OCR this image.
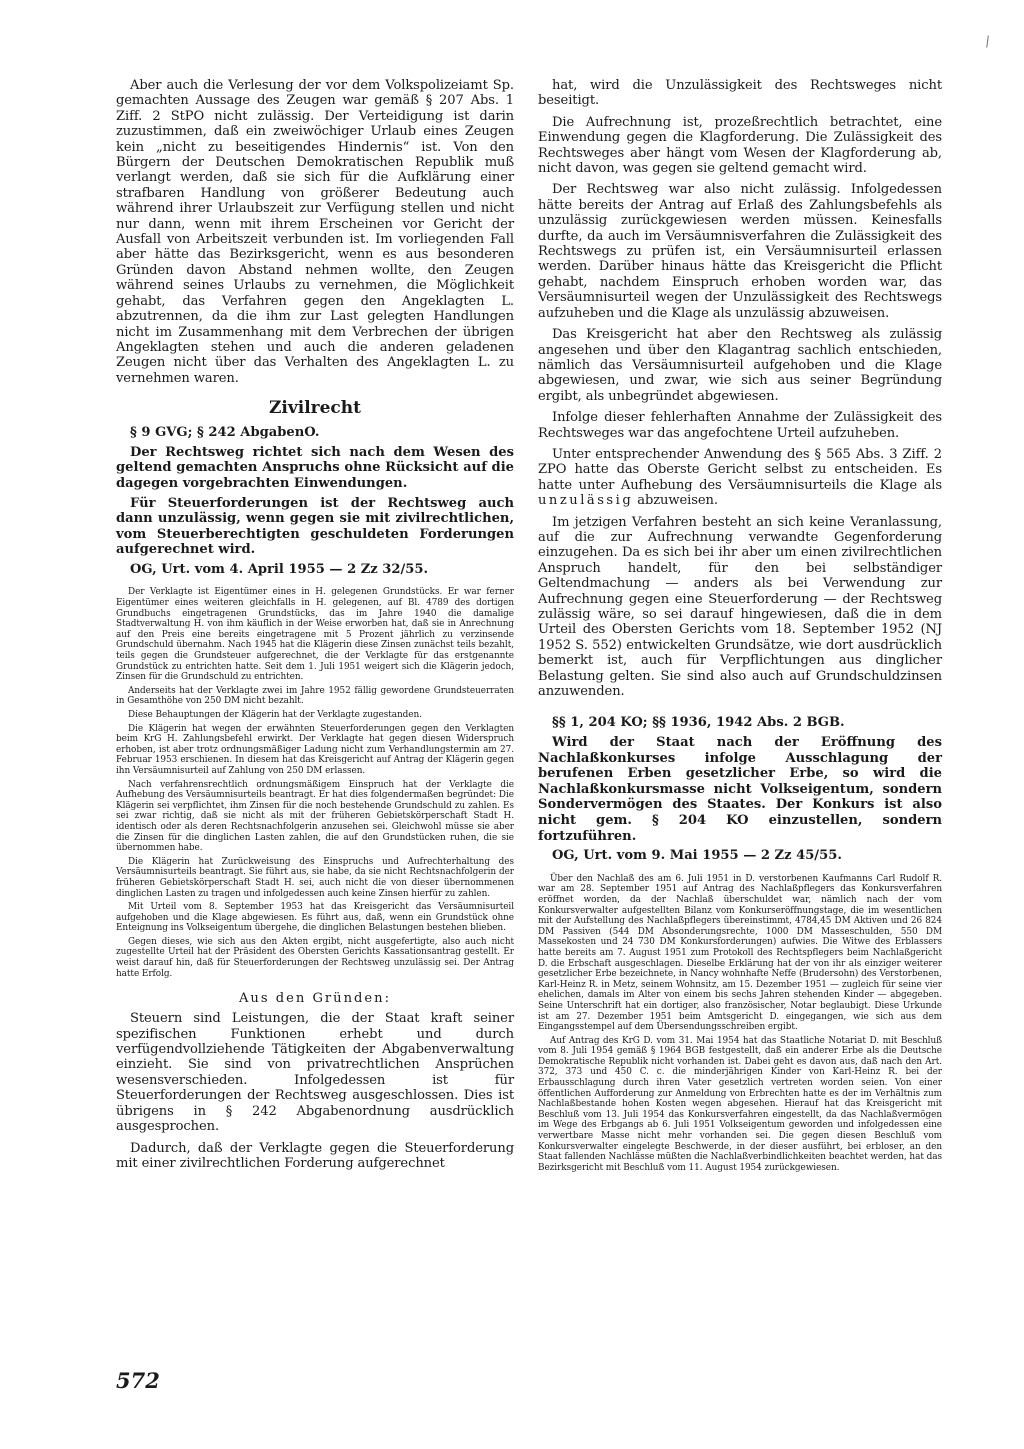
\

Aber auch die Verlesung der vor dem Volkspolizeiamt Sp. gemachten Aussage des Zeugen war gemäß § 207 Abs. 1 Ziff. 2 StPO nicht zulässig. Der Verteidigung ist darin zuzustimmen, daß ein zweiwöchiger Urlaub eines Zeugen kein „nicht zu beseitigendes Hindernis“ ist. Von den Bürgern der Deutschen Demokratischen Republik muß verlangt werden, daß sie sich für die Aufklärung einer strafbaren Handlung von größerer Bedeutung auch während ihrer Urlaubszeit zur Verfügung stellen und nicht nur dann, wenn mit ihrem Erscheinen vor Gericht der Ausfall von Arbeitszeit verbunden ist. Im vorliegenden Fall aber hätte das Bezirksgericht, wenn es aus besonderen Gründen davon Abstand nehmen wollte, den Zeugen während seines Urlaubs zu vernehmen, die Möglichkeit gehabt, das Verfahren gegen den Angeklagten L. abzutrennen, da die ihm zur Last gelegten Handlungen nicht im Zusammenhang mit dem Verbrechen der übrigen Angeklagten stehen und auch die anderen geladenen Zeugen nicht über das Verhalten des Angeklagten L. zu vernehmen waren.

Zivilrecht

§ 9 GVG; § 242 AbgabenO.

Der Rechtsweg richtet sich nach dem Wesen des geltend gemachten Anspruchs ohne Rücksicht auf die dagegen vorgebrachten Einwendungen.

Für Steuerforderungen ist der Rechtsweg auch dann unzulässig, wenn gegen sie mit zivilrechtlichen, vom Steuerberechtigten geschuldeten Forderungen aufgerechnet wird.

OG, Urt. vom 4. April 1955 — 2 Zz 32/55.

Der Verklagte ist Eigentümer eines in H. gelegenen Grundstücks. Er war ferner Eigentümer eines weiteren gleichfalls in H. gelegenen, auf Bl. 4789 des dortigen Grundbuchs eingetragenen Grundstücks, das im Jahre 1940 die damalige Stadtverwaltung H. von ihm käuflich in der Weise erworben hat, daß sie in Anrechnung auf den Preis eine bereits eingetragene mit 5 Prozent jährlich zu verzinsende Grundschuld übernahm. Nach 1945 hat die Klägerin diese Zinsen zunächst teils bezahlt, teils gegen die Grundsteuer aufgerechnet, die der Verklagte für das erstgenannte Grundstück zu entrichten hatte. Seit dem 1. Juli 1951 weigert sich die Klägerin jedoch, Zinsen für die Grundschuld zu entrichten.

Anderseits hat der Verklagte zwei im Jahre 1952 fällig gewordene Grundsteuerraten in Gesamthöhe von 250 DM nicht bezahlt.

Diese Behauptungen der Klägerin hat der Verklagte zugestanden.

Die Klägerin hat wegen der erwähnten Steuerforderungen gegen den Verklagten beim KrG H. Zahlungsbefehl erwirkt. Der Verklagte hat gegen diesen Widerspruch erhoben, ist aber trotz ordnungsmäßiger Ladung nicht zum Verhandlungstermin am 27. Februar 1953 erschienen. In diesem hat das Kreisgericht auf Antrag der Klägerin gegen ihn Versäumnisurteil auf Zahlung von 250 DM erlassen.

Nach verfahrensrechtlich ordnungsmäßigem Einspruch hat der Verklagte die Aufhebung des Versäumnisurteils beantragt. Er hat dies folgendermaßen begründet: Die Klägerin sei verpflichtet, ihm Zinsen für die noch bestehende Grundschuld zu zahlen. Es sei zwar richtig, daß sie nicht als mit der früheren Gebietskörperschaft Stadt H. identisch oder als deren Rechtsnachfolgerin anzusehen sei. Gleichwohl müsse sie aber die Zinsen für die dinglichen Lasten zahlen, die auf den Grundstücken ruhen, die sie übernommen habe.

Die Klägerin hat Zurückweisung des Einspruchs und Aufrechterhaltung des Versäumnisurteils beantragt. Sie führt aus, sie habe, da sie nicht Rechtsnachfolgerin der früheren Gebietskörperschaft Stadt H. sei, auch nicht die von dieser übernommenen dinglichen Lasten zu tragen und infolgedessen auch keine Zinsen hierfür zu zahlen.

Mit Urteil vom 8. September 1953 hat das Kreisgericht das Versäumnisurteil aufgehoben und die Klage abgewiesen. Es führt aus, daß, wenn ein Grundstück ohne Enteignung ins Volkseigentum übergehe, die dinglichen Belastungen bestehen blieben.

Gegen dieses, wie sich aus den Akten ergibt, nicht ausgefertigte, also auch nicht zugestellte Urteil hat der Präsident des Obersten Gerichts Kassationsantrag gestellt. Er weist darauf hin, daß für Steuerforderungen der Rechtsweg unzulässig sei. Der Antrag hatte Erfolg.

Aus den Gründen:

Steuern sind Leistungen, die der Staat kraft seiner spezifischen Funktionen erhebt und durch verfügendvollziehende Tätigkeiten der Abgabenverwaltung einzieht. Sie sind von privatrechtlichen Ansprüchen wesensverschieden. Infolgedessen ist für Steuerforderungen der Rechtsweg ausgeschlossen. Dies ist übrigens in § 242 Abgabenordnung ausdrücklich ausgesprochen.

Dadurch, daß der Verklagte gegen die Steuerforderung mit einer zivilrechtlichen Forderung aufgerechnet

hat, wird die Unzulässigkeit des Rechtsweges nicht beseitigt.

Die Aufrechnung ist, prozeßrechtlich betrachtet, eine Einwendung gegen die Klagforderung. Die Zulässigkeit des Rechtsweges aber hängt vom Wesen der Klagforderung ab, nicht davon, was gegen sie geltend gemacht wird.

Der Rechtsweg war also nicht zulässig. Infolgedessen hätte bereits der Antrag auf Erlaß des Zahlungsbefehls als unzulässig zurückgewiesen werden müssen. Keinesfalls durfte, da auch im Versäumnisverfahren die Zulässigkeit des Rechtswegs zu prüfen ist, ein Versäumnisurteil erlassen werden. Darüber hinaus hätte das Kreisgericht die Pflicht gehabt, nachdem Einspruch erhoben worden war, das Versäumnisurteil wegen der Unzulässigkeit des Rechtswegs aufzuheben und die Klage als unzulässig abzuweisen.

Das Kreisgericht hat aber den Rechtsweg als zulässig angesehen und über den Klagantrag sachlich entschieden, nämlich das Versäumnisurteil aufgehoben und die Klage abgewiesen, und zwar, wie sich aus seiner Begründung ergibt, als unbegründet abgewiesen.

Infolge dieser fehlerhaften Annahme der Zulässigkeit des Rechtsweges war das angefochtene Urteil aufzuheben.

Unter entsprechender Anwendung des § 565 Abs. 3 Ziff. 2 ZPO hatte das Oberste Gericht selbst zu entscheiden. Es hatte unter Aufhebung des Versäumnisurteils die Klage als unzulässig abzuweisen.

Im jetzigen Verfahren besteht an sich keine Veranlassung, auf die zur Aufrechnung verwandte Gegenforderung einzugehen. Da es sich bei ihr aber um einen zivilrechtlichen Anspruch handelt, für den bei selbständiger Geltendmachung — anders als bei Verwendung zur Aufrechnung gegen eine Steuerforderung — der Rechtsweg zulässig wäre, so sei darauf hingewiesen, daß die in dem Urteil des Obersten Gerichts vom 18. September 1952 (NJ 1952 S. 552) entwickelten Grundsätze, wie dort ausdrücklich bemerkt ist, auch für Verpflichtungen aus dinglicher Belastung gelten. Sie sind also auch auf Grundschuldzinsen anzuwenden.

§§ 1, 204 KO; §§ 1936, 1942 Abs. 2 BGB.

Wird der Staat nach der Eröffnung des Nachlaßkonkurses infolge Ausschlagung der berufenen Erben gesetzlicher Erbe, so wird die Nachlaßkonkursmasse nicht Volkseigentum, sondern Sondervermögen des Staates. Der Konkurs ist also nicht gem. § 204 KO einzustellen, sondern fortzuführen.

OG, Urt. vom 9. Mai 1955 — 2 Zz 45/55.

Über den Nachlaß des am 6. Juli 1951 in D. verstorbenen Kaufmanns Carl Rudolf R. war am 28. September 1951 auf Antrag des Nachlaßpflegers das Konkursverfahren eröffnet worden, da der Nachlaß überschuldet war, nämlich nach der vom Konkursverwalter aufgestellten Bilanz vom Konkurseröffnungstage, die im wesentlichen mit der Aufstellung des Nachlaßpflegers übereinstimmt, 4784,45 DM Aktiven und 26 824 DM Passiven (544 DM Absonderungsrechte, 1000 DM Masseschulden, 550 DM Massekosten und 24 730 DM Konkursforderungen) aufwies. Die Witwe des Erblassers hatte bereits am 7. August 1951 zum Protokoll des Rechtspflegers beim Nachlaßgericht D. die Erbschaft ausgeschlagen. Dieselbe Erklärung hat der von ihr als einziger weiterer gesetzlicher Erbe bezeichnete, in Nancy wohnhafte Neffe (Brudersohn) des Verstorbenen, Karl-Heinz R. in Metz, seinem Wohnsitz, am 15. Dezember 1951 — zugleich für seine vier ehelichen, damals im Alter von einem bis sechs Jahren stehenden Kinder — abgegeben. Seine Unterschrift hat ein dortiger, also französischer, Notar beglaubigt. Diese Urkunde ist am 27. Dezember 1951 beim Amtsgericht D. eingegangen, wie sich aus dem Eingangsstempel auf dem Übersendungsschreiben ergibt.

Auf Antrag des KrG D. vom 31. Mai 1954 hat das Staatliche Notariat D. mit Beschluß vom 8. Juli 1954 gemäß § 1964 BGB festgestellt, daß ein anderer Erbe als die Deutsche Demokratische Republik nicht vorhanden ist. Dabei geht es davon aus, daß nach den Art. 372, 373 und 450 C. c. die minderjährigen Kinder von Karl-Heinz R. bei der Erbausschlagung durch ihren Vater gesetzlich vertreten worden seien. Von einer öffentlichen Aufforderung zur Anmeldung von Erbrechten hatte es der im Verhältnis zum Nachlaßbestande hohen Kosten wegen abgesehen. Hierauf hat das Kreisgericht mit Beschluß vom 13. Juli 1954 das Konkursverfahren eingestellt, da das Nachlaßvermögen im Wege des Erbgangs ab 6. Juli 1951 Volkseigentum geworden und infolgedessen eine verwertbare Masse nicht mehr vorhanden sei. Die gegen diesen Beschluß vom Konkursverwalter eingelegte Beschwerde, in der dieser ausführt, bei erbloser, an den Staat fallenden Nachlässe müßten die Nachlaßverbindlichkeiten beachtet werden, hat das Bezirksgericht mit Beschluß vom 11. August 1954 zurückgewiesen.

572
